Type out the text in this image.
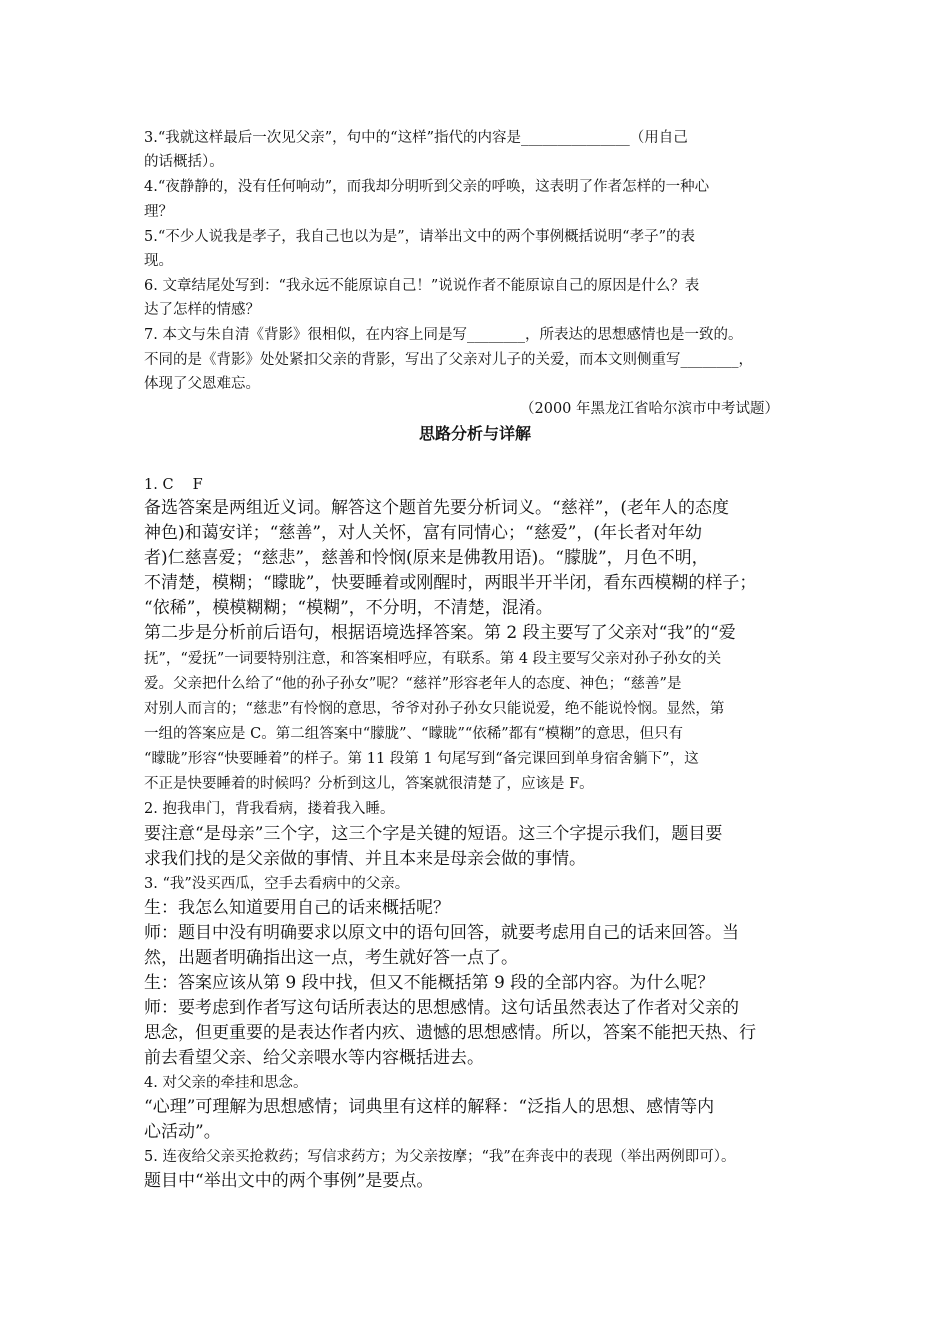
3.“我就这样最后一次见父亲”，句中的“这样”指代的内容是_______________（用自己
的话概括）。
4.“夜静静的，没有任何响动”，而我却分明听到父亲的呼唤，这表明了作者怎样的一种心
理？
5.“不少人说我是孝子，我自己也以为是”，请举出文中的两个事例概括说明“孝子”的表
现。
6. 文章结尾处写到：“我永远不能原谅自己！”说说作者不能原谅自己的原因是什么？表
达了怎样的情感？
7. 本文与朱自清《背影》很相似，在内容上同是写________，所表达的思想感情也是一致的。
不同的是《背影》处处紧扣父亲的背影，写出了父亲对儿子的关爱，而本文则侧重写________，
体现了父恩难忘。
（2000 年黑龙江省哈尔滨市中考试题）
思路分析与详解
1. C　 F
备选答案是两组近义词。解答这个题首先要分析词义。“慈祥”，(老年人的态度
神色)和蔼安详；“慈善”，对人关怀，富有同情心；“慈爱”，(年长者对年幼
者)仁慈喜爱；“慈悲”，慈善和怜悯(原来是佛教用语)。“朦胧”，月色不明，
不清楚，模糊；“矇眬”，快要睡着或刚醒时，两眼半开半闭，看东西模糊的样子；
“依稀”，模模糊糊；“模糊”，不分明，不清楚，混淆。
第二步是分析前后语句，根据语境选择答案。第 2 段主要写了父亲对“我”的“爱
抚”，“爱抚”一词要特别注意，和答案相呼应，有联系。第 4 段主要写父亲对孙子孙女的关
爱。父亲把什么给了“他的孙子孙女”呢？“慈祥”形容老年人的态度、神色；“慈善”是
对别人而言的；“慈悲”有怜悯的意思，爷爷对孙子孙女只能说爱，绝不能说怜悯。显然，第
一组的答案应是 C。第二组答案中“朦胧”、“矇眬”“依稀”都有“模糊”的意思，但只有
“矇眬”形容“快要睡着”的样子。第 11 段第 1 句尾写到“备完课回到单身宿舍躺下”，这
不正是快要睡着的时候吗？分析到这儿，答案就很清楚了，应该是 F。
2. 抱我串门，背我看病，搂着我入睡。
要注意“是母亲”三个字，这三个字是关键的短语。这三个字提示我们，题目要
求我们找的是父亲做的事情、并且本来是母亲会做的事情。
3. “我”没买西瓜，空手去看病中的父亲。
生：我怎么知道要用自己的话来概括呢？
师：题目中没有明确要求以原文中的语句回答，就要考虑用自己的话来回答。当
然，出题者明确指出这一点，考生就好答一点了。
生：答案应该从第 9 段中找，但又不能概括第 9 段的全部内容。为什么呢？
师：要考虑到作者写这句话所表达的思想感情。这句话虽然表达了作者对父亲的
思念，但更重要的是表达作者内疚、遗憾的思想感情。所以，答案不能把天热、行
前去看望父亲、给父亲喂水等内容概括进去。
4. 对父亲的牵挂和思念。
“心理”可理解为思想感情；词典里有这样的解释：“泛指人的思想、感情等内
心活动”。
5. 连夜给父亲买抢救药；写信求药方；为父亲按摩；“我”在奔丧中的表现（举出两例即可）。
题目中“举出文中的两个事例”是要点。
